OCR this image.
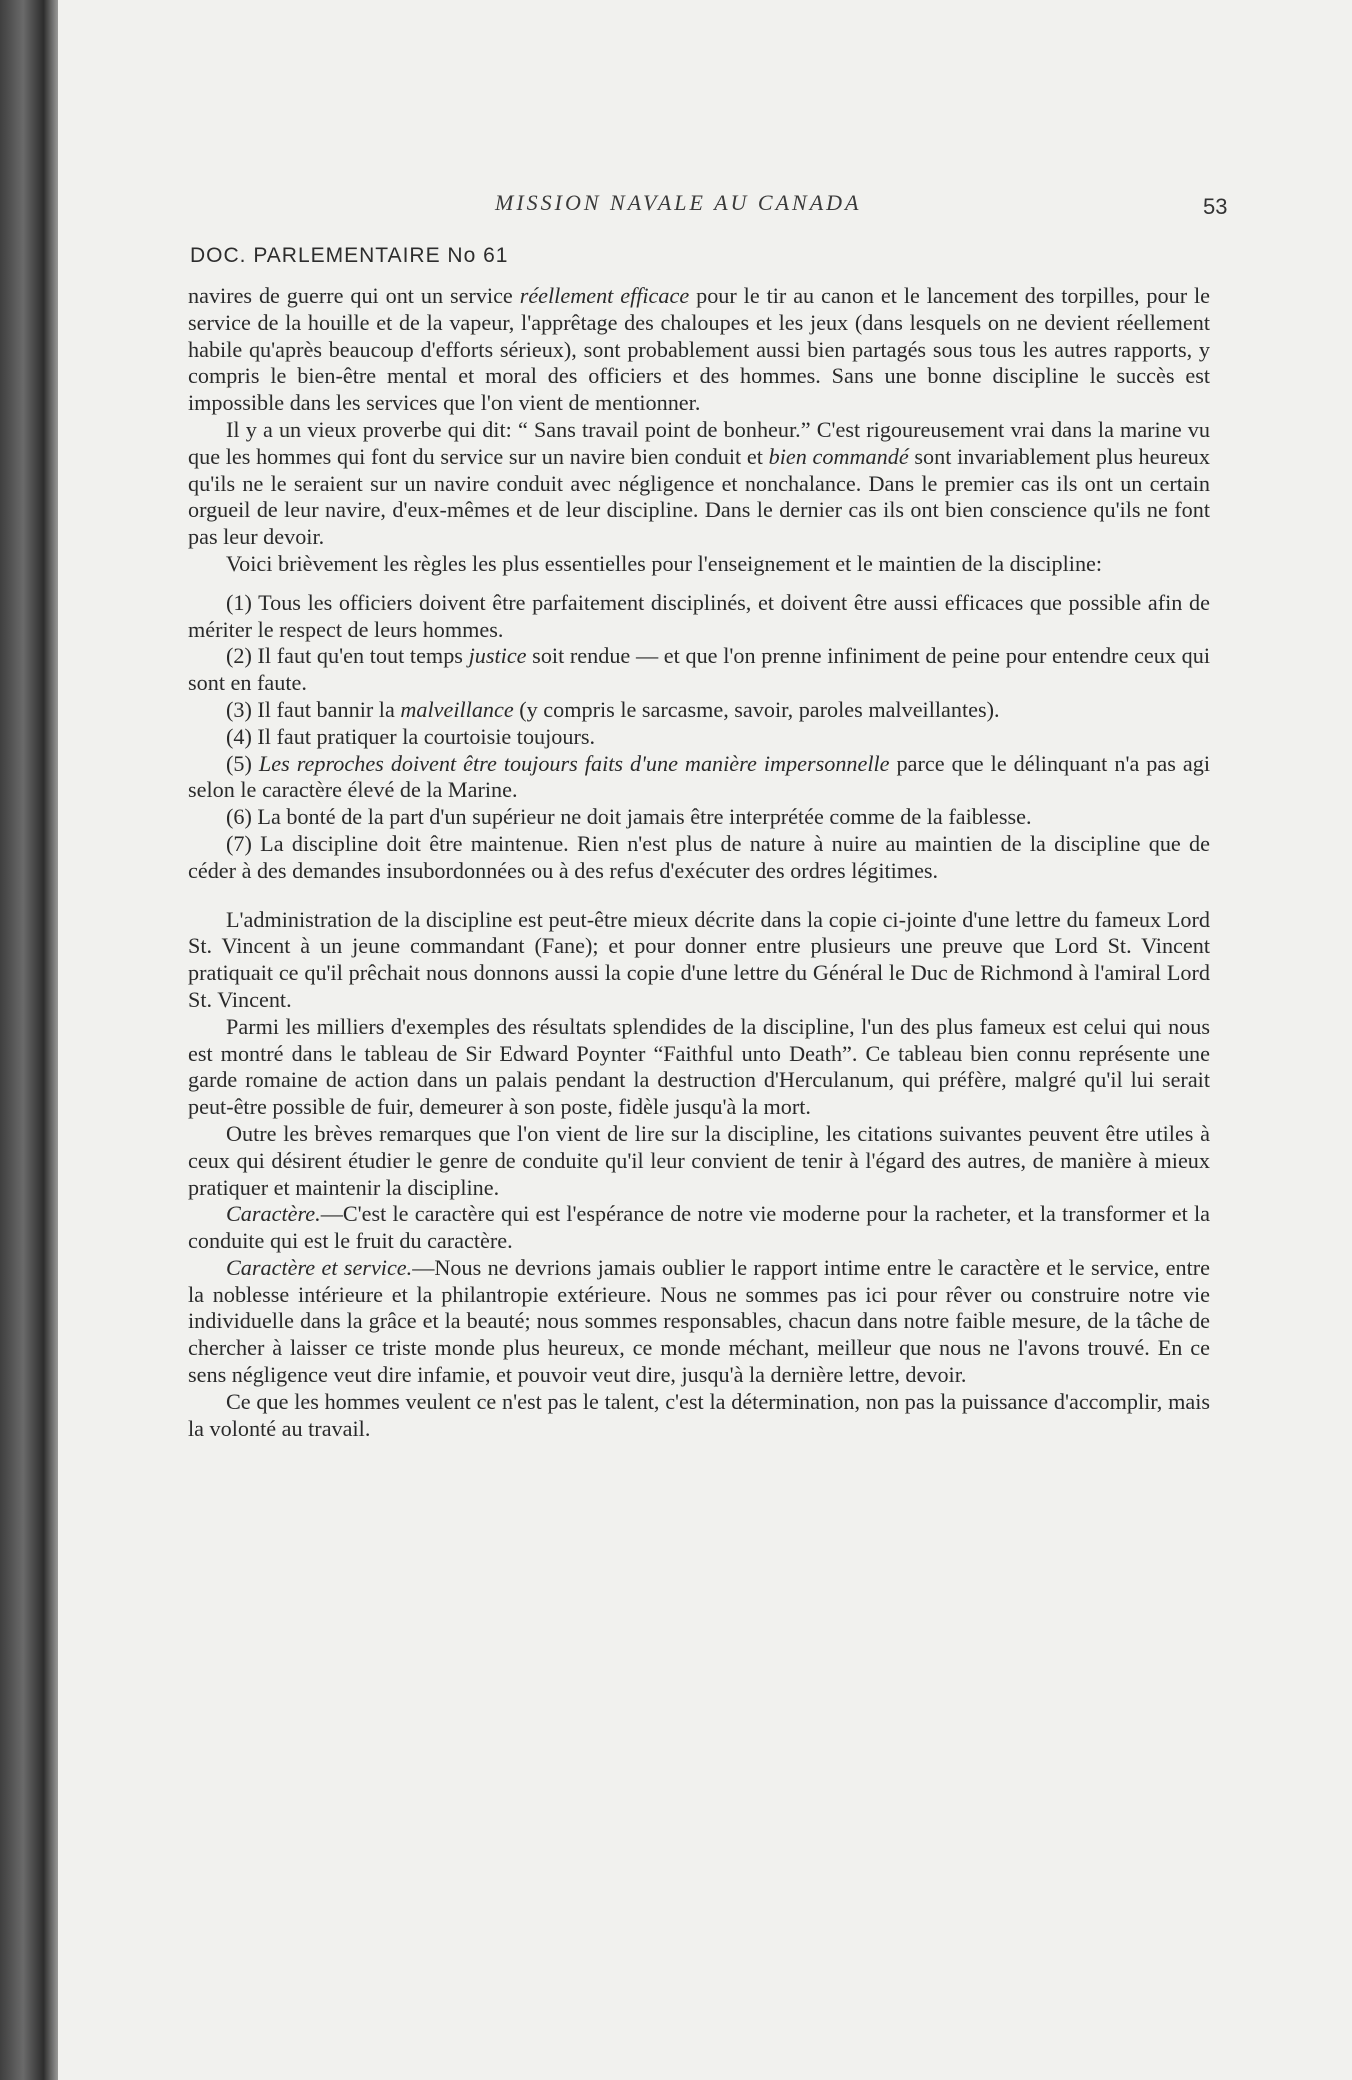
MISSION NAVALE AU CANADA	53
DOC. PARLEMENTAIRE No 61

navires de guerre qui ont un service réellement efficace pour le tir au canon et le lancement des torpilles, pour le service de la houille et de la vapeur, l'apprêtage des chaloupes et les jeux (dans lesquels on ne devient réellement habile qu'après beaucoup d'efforts sérieux), sont probablement aussi bien partagés sous tous les autres rapports, y compris le bien-être mental et moral des officiers et des hommes. Sans une bonne discipline le succès est impossible dans les services que l'on vient de mentionner.

Il y a un vieux proverbe qui dit: “ Sans travail point de bonheur.” C'est rigoureusement vrai dans la marine vu que les hommes qui font du service sur un navire bien conduit et bien commandé sont invariablement plus heureux qu'ils ne le seraient sur un navire conduit avec négligence et nonchalance. Dans le premier cas ils ont un certain orgueil de leur navire, d'eux-mêmes et de leur discipline. Dans le dernier cas ils ont bien conscience qu'ils ne font pas leur devoir.

Voici brièvement les règles les plus essentielles pour l'enseignement et le maintien de la discipline:

(1) Tous les officiers doivent être parfaitement disciplinés, et doivent être aussi efficaces que possible afin de mériter le respect de leurs hommes.
(2) Il faut qu'en tout temps justice soit rendue — et que l'on prenne infiniment de peine pour entendre ceux qui sont en faute.
(3) Il faut bannir la malveillance (y compris le sarcasme, savoir, paroles malveillantes).
(4) Il faut pratiquer la courtoisie toujours.
(5) Les reproches doivent être toujours faits d'une manière impersonnelle parce que le délinquant n'a pas agi selon le caractère élevé de la Marine.
(6) La bonté de la part d'un supérieur ne doit jamais être interprétée comme de la faiblesse.
(7) La discipline doit être maintenue. Rien n'est plus de nature à nuire au maintien de la discipline que de céder à des demandes insubordonnées ou à des refus d'exécuter des ordres légitimes.

L'administration de la discipline est peut-être mieux décrite dans la copie ci-jointe d'une lettre du fameux Lord St. Vincent à un jeune commandant (Fane); et pour donner entre plusieurs une preuve que Lord St. Vincent pratiquait ce qu'il prêchait nous donnons aussi la copie d'une lettre du Général le Duc de Richmond à l'amiral Lord St. Vincent.

Parmi les milliers d'exemples des résultats splendides de la discipline, l'un des plus fameux est celui qui nous est montré dans le tableau de Sir Edward Poynter “Faithful unto Death”. Ce tableau bien connu représente une garde romaine de action dans un palais pendant la destruction d'Herculanum, qui préfère, malgré qu'il lui serait peut-être possible de fuir, demeurer à son poste, fidèle jusqu'à la mort.

Outre les brèves remarques que l'on vient de lire sur la discipline, les citations suivantes peuvent être utiles à ceux qui désirent étudier le genre de conduite qu'il leur convient de tenir à l'égard des autres, de manière à mieux pratiquer et maintenir la discipline.

Caractère.—C'est le caractère qui est l'espérance de notre vie moderne pour la racheter, et la transformer et la conduite qui est le fruit du caractère.

Caractère et service.—Nous ne devrions jamais oublier le rapport intime entre le caractère et le service, entre la noblesse intérieure et la philantropie extérieure. Nous ne sommes pas ici pour rêver ou construire notre vie individuelle dans la grâce et la beauté; nous sommes responsables, chacun dans notre faible mesure, de la tâche de chercher à laisser ce triste monde plus heureux, ce monde méchant, meilleur que nous ne l'avons trouvé. En ce sens négligence veut dire infamie, et pouvoir veut dire, jusqu'à la dernière lettre, devoir.

Ce que les hommes veulent ce n'est pas le talent, c'est la détermination, non pas la puissance d'accomplir, mais la volonté au travail.
